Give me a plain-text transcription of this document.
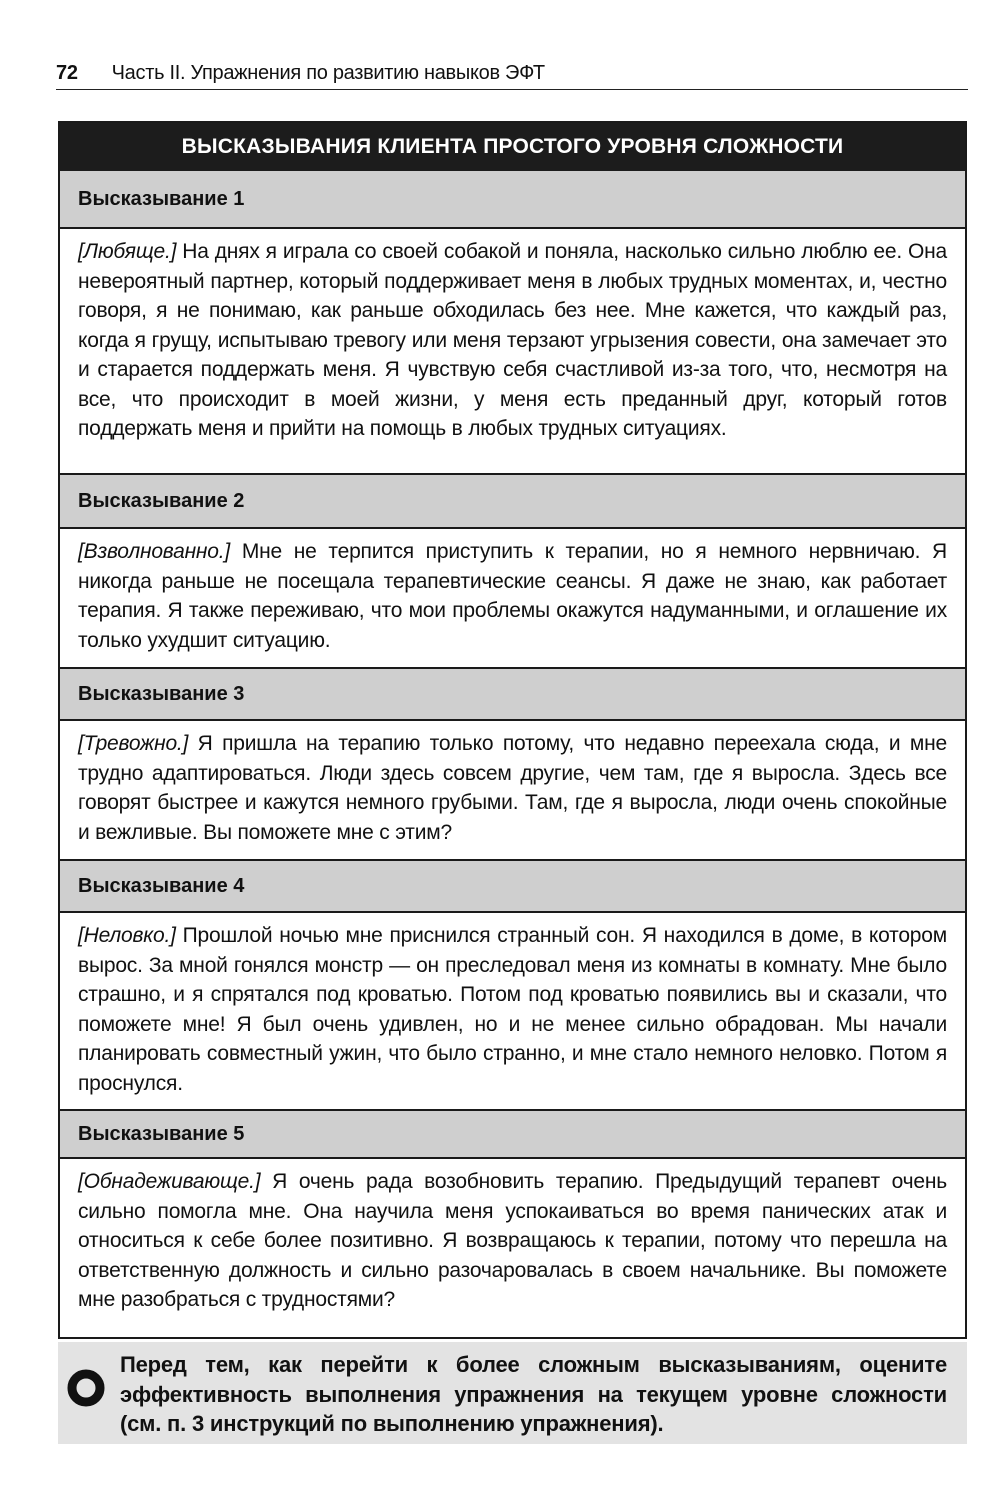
72 Часть II. Упражнения по развитию навыков ЭФТ
ВЫСКАЗЫВАНИЯ КЛИЕНТА ПРОСТОГО УРОВНЯ СЛОЖНОСТИ
Высказывание 1
[Любяще.] На днях я играла со своей собакой и поняла, насколько сильно люблю ее. Она невероятный партнер, который поддерживает меня в любых трудных моментах, и, честно говоря, я не понимаю, как раньше обходилась без нее. Мне кажется, что каждый раз, когда я грущу, испытываю тревогу или меня терзают угрызения совести, она замечает это и старается поддержать меня. Я чувствую себя счастливой из-за того, что, несмотря на все, что происходит в моей жизни, у меня есть преданный друг, который готов поддержать меня и прийти на помощь в любых трудных ситуациях.
Высказывание 2
[Взволнованно.] Мне не терпится приступить к терапии, но я немного нервничаю. Я никогда раньше не посещала терапевтические сеансы. Я даже не знаю, как работает терапия. Я также переживаю, что мои проблемы окажутся надуманными, и оглашение их только ухудшит ситуацию.
Высказывание 3
[Тревожно.] Я пришла на терапию только потому, что недавно переехала сюда, и мне трудно адаптироваться. Люди здесь совсем другие, чем там, где я выросла. Здесь все говорят быстрее и кажутся немного грубыми. Там, где я выросла, люди очень спокойные и вежливые. Вы поможете мне с этим?
Высказывание 4
[Неловко.] Прошлой ночью мне приснился странный сон. Я находился в доме, в котором вырос. За мной гонялся монстр — он преследовал меня из комнаты в комнату. Мне было страшно, и я спрятался под кроватью. Потом под кроватью появились вы и сказали, что поможете мне! Я был очень удивлен, но и не менее сильно обрадован. Мы начали планировать совместный ужин, что было странно, и мне стало немного неловко. Потом я проснулся.
Высказывание 5
[Обнадеживающе.] Я очень рада возобновить терапию. Предыдущий терапевт очень сильно помогла мне. Она научила меня успокаиваться во время панических атак и относиться к себе более позитивно. Я возвращаюсь к терапии, потому что перешла на ответственную должность и сильно разочаровалась в своем начальнике. Вы поможете мне разобраться с трудностями?
Перед тем, как перейти к более сложным высказываниям, оцените эффективность выполнения упражнения на текущем уровне сложности (см. п. 3 инструкций по выполнению упражнения).
